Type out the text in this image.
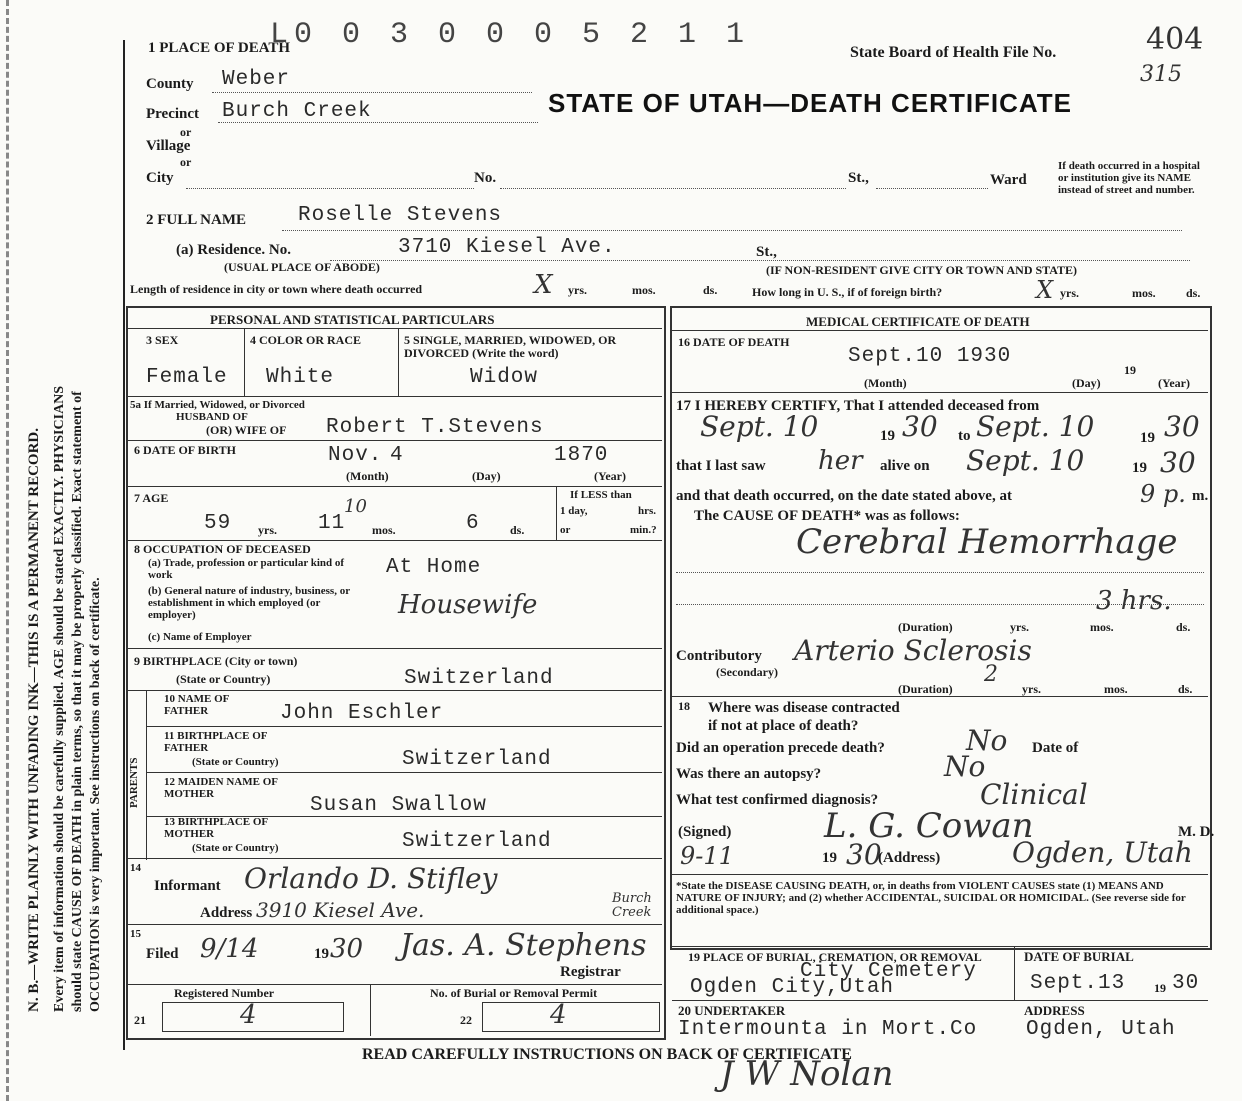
N. B.—WRITE PLAINLY WITH UNFADING INK—THIS IS A PERMANENT RECORD. Every item of information should be carefully supplied. AGE should be stated EXACTLY. PHYSICIANS should state CAUSE OF DEATH in plain terms, so that it may be properly classified. Exact statement of OCCUPATION is very important. See instructions on back of certificate.
L0 0 3 0 0 0 5 2 1 1
1 PLACE OF DEATH	State Board of Health File No.	404
315
STATE OF UTAH—DEATH CERTIFICATE
County Weber
Precinct Burch Creek
or
Village
or
City	No.	St.,	Ward
If death occurred in a hospital or institution give its NAME instead of street and number.
2 FULL NAME Roselle Stevens
(a) Residence. No.	3710 Kiesel Ave.	St.,
(USUAL PLACE OF ABODE)	(IF NON-RESIDENT GIVE CITY OR TOWN AND STATE)
Length of residence in city or town where death occurred	X yrs.	mos.	ds.	How long in U. S., if of foreign birth?	X yrs.	mos.	ds.
PERSONAL AND STATISTICAL PARTICULARS
3 SEX
Female
4 COLOR OR RACE
White
5 SINGLE, MARRIED, WIDOWED, OR DIVORCED (Write the word)
Widow
5a If Married, Widowed, or Divorced
HUSBAND OF
(OR) WIFE OF Robert T.Stevens
6 DATE OF BIRTH	Nov. 4	1870
(Month)	(Day)	(Year)
7 AGE
59 yrs. 11
10
mos.	6	ds.
If LESS than
1 day,	hrs.
or	min.?
8 OCCUPATION OF DECEASED
(a) Trade, profession or particular kind of work	At Home
(b) General nature of industry, business, or establishment in which employed (or employer)	Housewife
(c) Name of Employer
9 BIRTHPLACE (City or town)
(State or Country)	Switzerland
PARENTS
10 NAME OF FATHER	John Eschler
11 BIRTHPLACE OF FATHER
(State or Country)	Switzerland
12 MAIDEN NAME OF MOTHER	Susan Swallow
13 BIRTHPLACE OF MOTHER
(State or Country)	Switzerland
14
Informant Orlando D. Stifley
Address 3910 Kiesel Ave.	Burch Creek
15
Filed 9/14	19 30 Jas. A. Stephens
Registrar
Registered Number	No. of Burial or Removal Permit
21	4	22	4
MEDICAL CERTIFICATE OF DEATH
16 DATE OF DEATH
Sept.10 1930
19
(Month)	(Day)	(Year)
17 I HEREBY CERTIFY, That I attended deceased from
Sept. 10	19 30 to Sept. 10	19 30
that I last saw her alive on Sept. 10	19 30
and that death occurred, on the date stated above, at	9 p. m.
The CAUSE OF DEATH* was as follows:
Cerebral Hemorrhage
3 hrs.
(Duration)	yrs.	mos.	ds.
Contributory
(Secondary)
Arterio Sclerosis
2
(Duration)	yrs.	mos.	ds.
18 Where was disease contracted
if not at place of death?
Did an operation precede death?	No Date of
Was there an autopsy?	No
What test confirmed diagnosis?	Clinical
(Signed)	L. G. Cowan	M. D.
9-11	19 30
(Address)	Ogden, Utah
*State the DISEASE CAUSING DEATH, or, in deaths from VIOLENT CAUSES state (1) MEANS AND NATURE OF INJURY; and (2) whether ACCIDENTAL, SUICIDAL OR HOMICIDAL. (See reverse side for additional space.)
19 PLACE OF BURIAL, CREMATION, OR REMOVAL
City Cemetery
Ogden City,Utah
DATE OF BURIAL
Sept.13 19 30
20 UNDERTAKER
Intermounta in Mort.Co
ADDRESS
Ogden, Utah
READ CAREFULLY INSTRUCTIONS ON BACK OF CERTIFICATE
J W Nolan
